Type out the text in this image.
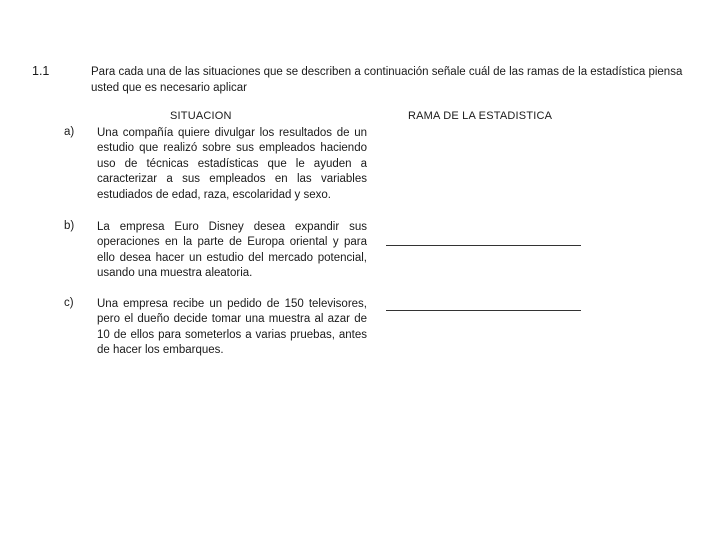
1.1	Para cada una de las situaciones que se describen a continuación señale cuál de las ramas de la estadística piensa usted que es necesario aplicar
SITUACION	RAMA DE LA ESTADISTICA
a) Una compañía quiere divulgar los resultados de un estudio que realizó sobre sus empleados haciendo uso de técnicas estadísticas que le ayuden a caracterizar a sus empleados en las variables estudiados de edad, raza, escolaridad y sexo.
b) La empresa Euro Disney desea expandir sus operaciones en la parte de Europa oriental y para ello desea hacer un estudio del mercado potencial, usando una muestra aleatoria.
c) Una empresa recibe un pedido de 150 televisores, pero el dueño decide tomar una muestra al azar de 10 de ellos para someterlos a varias pruebas, antes de hacer los embarques.
